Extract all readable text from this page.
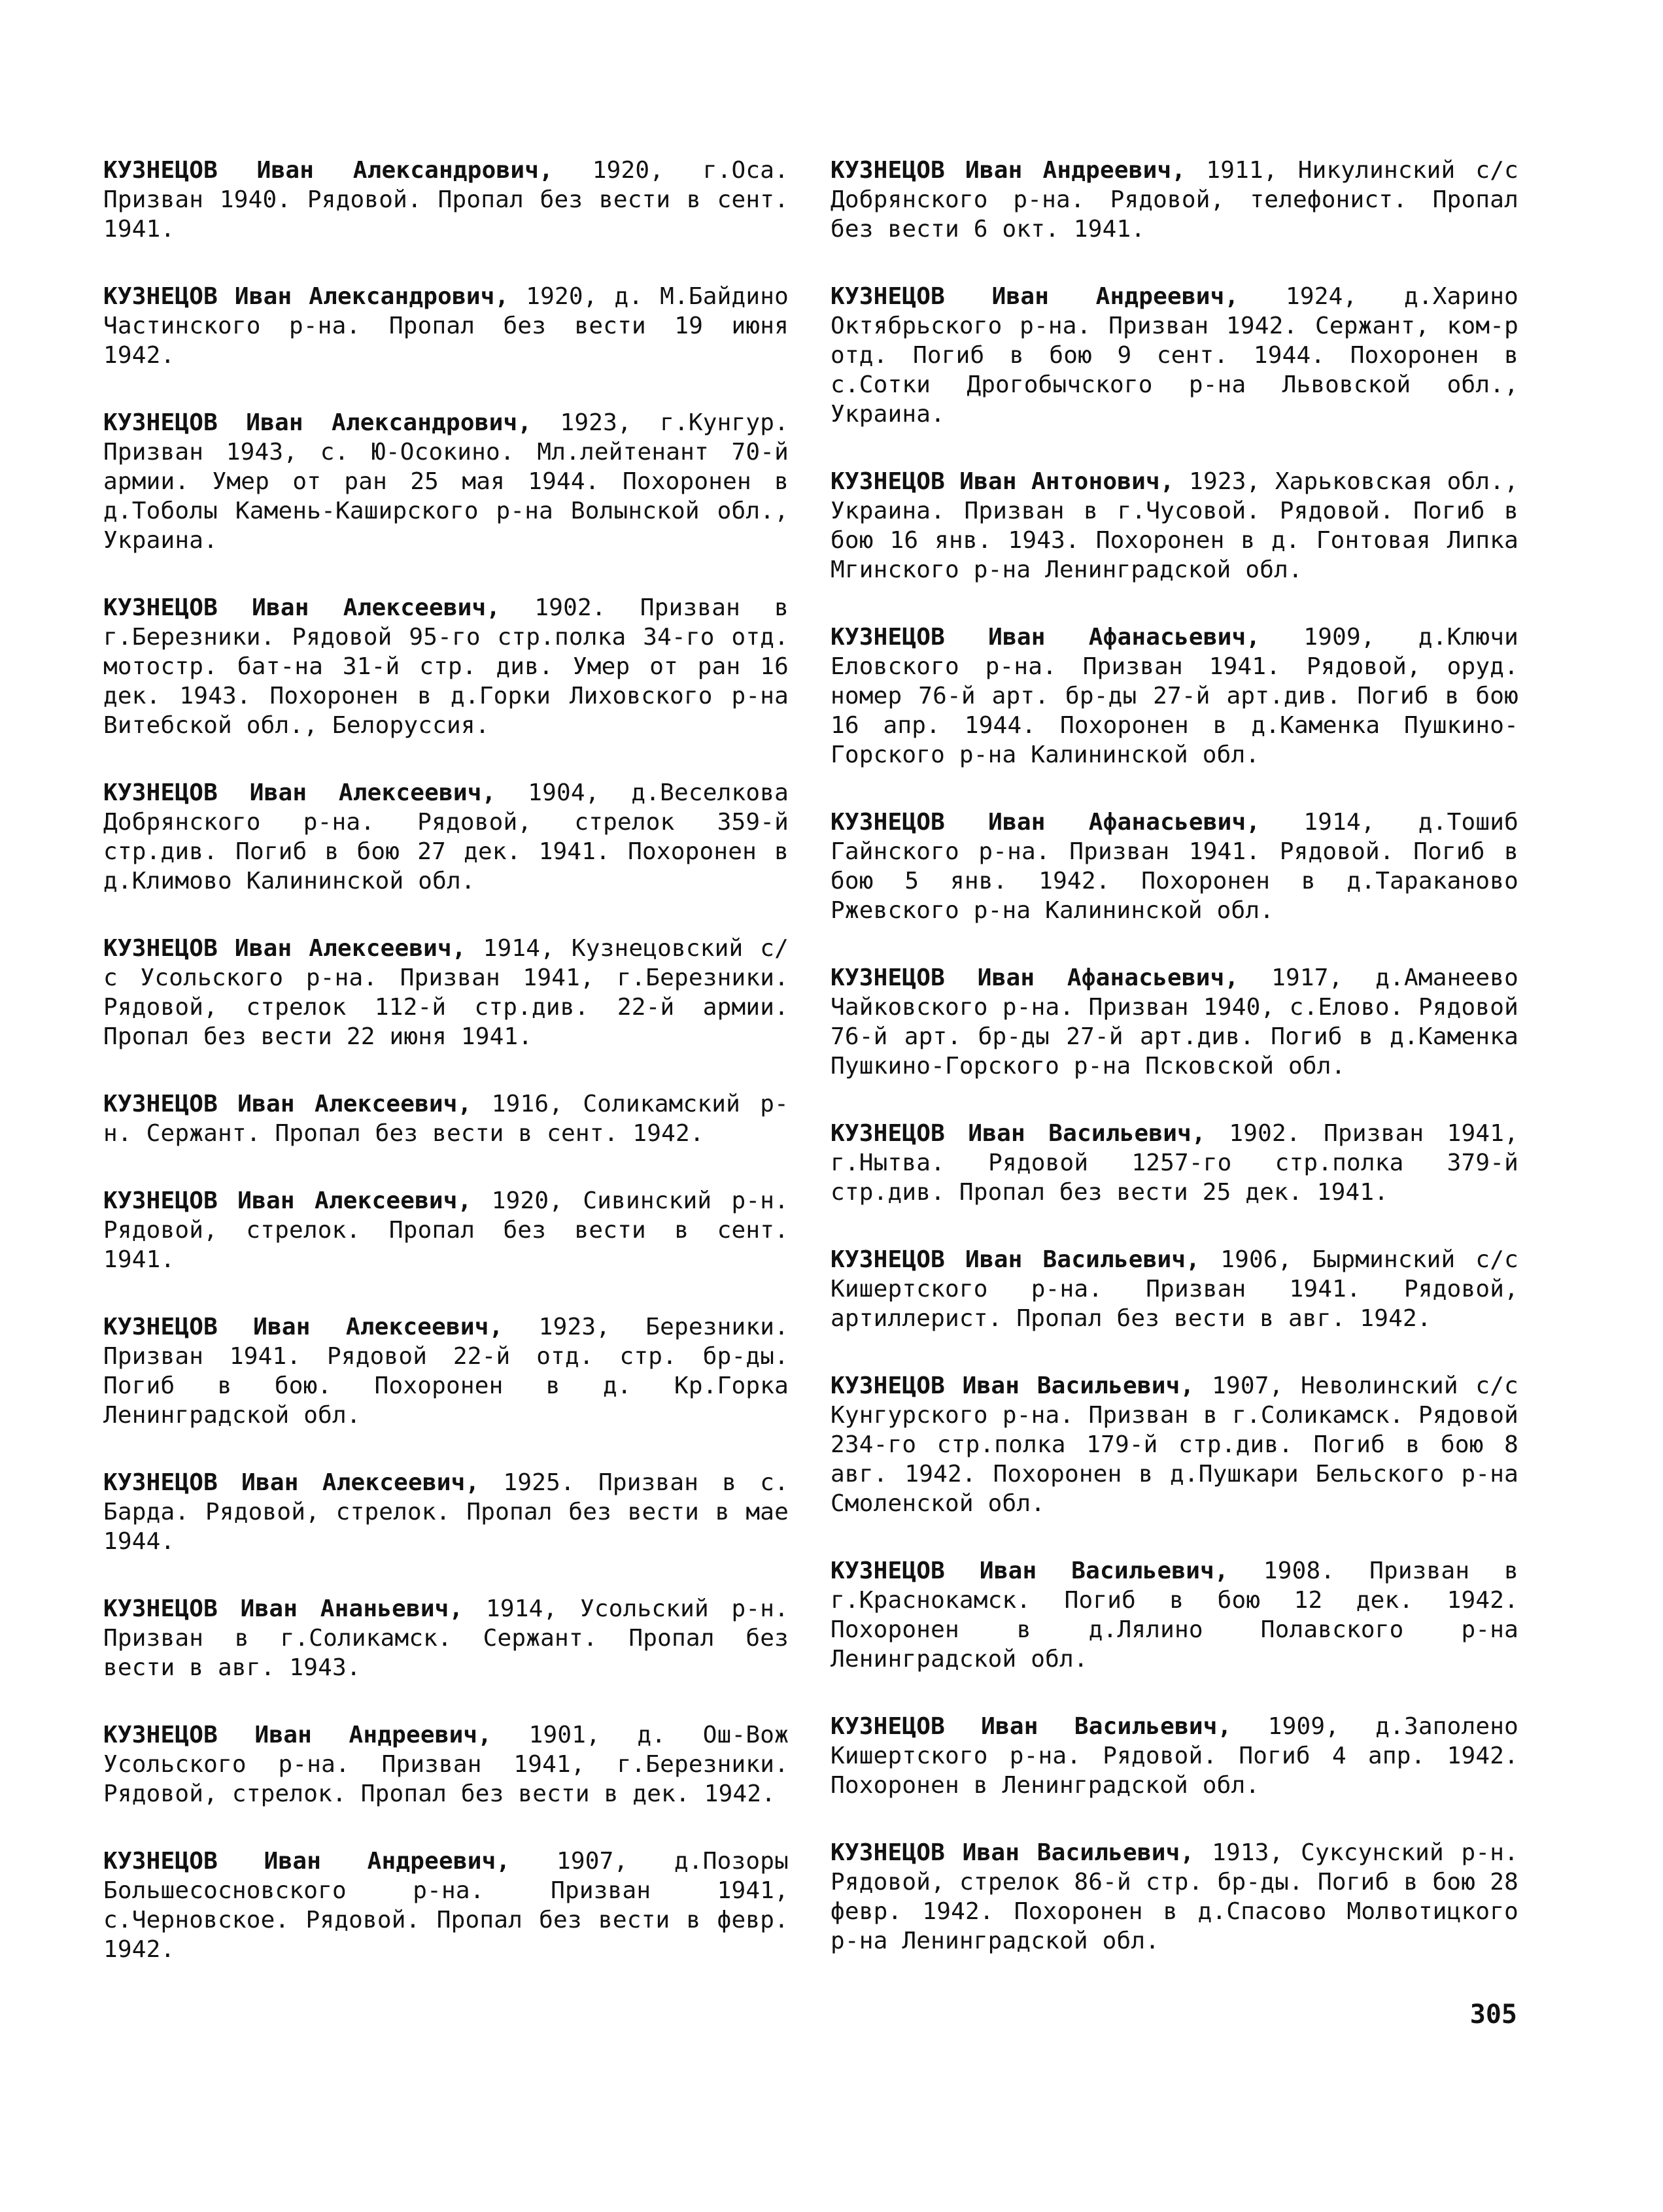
КУЗНЕЦОВ Иван Александрович, 1920, г.Оса. Призван 1940. Рядовой. Пропал без вести в сент. 1941.

КУЗНЕЦОВ Иван Александрович, 1920, д. М.Байдино Частинского р-на. Пропал без вести 19 июня 1942.

КУЗНЕЦОВ Иван Александрович, 1923, г.Кунгур. Призван 1943, с. Ю-Осокино. Мл.лейтенант 70-й армии. Умер от ран 25 мая 1944. Похоронен в д.Тоболы Камень-Каширского р-на Волынской обл., Украина.

КУЗНЕЦОВ Иван Алексеевич, 1902. Призван в г.Березники. Рядовой 95-го стр.полка 34-го отд. мотостр. бат-на 31-й стр. див. Умер от ран 16 дек. 1943. Похоронен в д.Горки Лиховского р-на Витебской обл., Белоруссия.

КУЗНЕЦОВ Иван Алексеевич, 1904, д.Веселкова Добрянского р-на. Рядовой, стрелок 359-й стр.див. Погиб в бою 27 дек. 1941. Похоронен в д.Климово Калининской обл.

КУЗНЕЦОВ Иван Алексеевич, 1914, Кузнецовский с/с Усольского р-на. Призван 1941, г.Березники. Рядовой, стрелок 112-й стр.див. 22-й армии. Пропал без вести 22 июня 1941.

КУЗНЕЦОВ Иван Алексеевич, 1916, Соликамский р-н. Сержант. Пропал без вести в сент. 1942.

КУЗНЕЦОВ Иван Алексеевич, 1920, Сивинский р-н. Рядовой, стрелок. Пропал без вести в сент. 1941.

КУЗНЕЦОВ Иван Алексеевич, 1923, Березники. Призван 1941. Рядовой 22-й отд. стр. бр-ды. Погиб в бою. Похоронен в д. Кр.Горка Ленинградской обл.

КУЗНЕЦОВ Иван Алексеевич, 1925. Призван в с. Барда. Рядовой, стрелок. Пропал без вести в мае 1944.

КУЗНЕЦОВ Иван Ананьевич, 1914, Усольский р-н. Призван в г.Соликамск. Сержант. Пропал без вести в авг. 1943.

КУЗНЕЦОВ Иван Андреевич, 1901, д. Ош-Вож Усольского р-на. Призван 1941, г.Березники. Рядовой, стрелок. Пропал без вести в дек. 1942.

КУЗНЕЦОВ Иван Андреевич, 1907, д.Позоры Большесосновского р-на. Призван 1941, с.Черновское. Рядовой. Пропал без вести в февр. 1942.

КУЗНЕЦОВ Иван Андреевич, 1911, Никулинский с/с Добрянского р-на. Рядовой, телефонист. Пропал без вести 6 окт. 1941.

КУЗНЕЦОВ Иван Андреевич, 1924, д.Харино Октябрьского р-на. Призван 1942. Сержант, ком-р отд. Погиб в бою 9 сент. 1944. Похоронен в с.Сотки Дрогобычского р-на Львовской обл., Украина.

КУЗНЕЦОВ Иван Антонович, 1923, Харьковская обл., Украина. Призван в г.Чусовой. Рядовой. Погиб в бою 16 янв. 1943. Похоронен в д. Гонтовая Липка Мгинского р-на Ленинградской обл.

КУЗНЕЦОВ Иван Афанасьевич, 1909, д.Ключи Еловского р-на. Призван 1941. Рядовой, оруд. номер 76-й арт. бр-ды 27-й арт.див. Погиб в бою 16 апр. 1944. Похоронен в д.Каменка Пушкино-Горского р-на Калининской обл.

КУЗНЕЦОВ Иван Афанасьевич, 1914, д.Тошиб Гайнского р-на. Призван 1941. Рядовой. Погиб в бою 5 янв. 1942. Похоронен в д.Тараканово Ржевского р-на Калининской обл.

КУЗНЕЦОВ Иван Афанасьевич, 1917, д.Аманеево Чайковского р-на. Призван 1940, с.Елово. Рядовой 76-й арт. бр-ды 27-й арт.див. Погиб в д.Каменка Пушкино-Горского р-на Псковской обл.

КУЗНЕЦОВ Иван Васильевич, 1902. Призван 1941, г.Нытва. Рядовой 1257-го стр.полка 379-й стр.див. Пропал без вести 25 дек. 1941.

КУЗНЕЦОВ Иван Васильевич, 1906, Бырминский с/с Кишертского р-на. Призван 1941. Рядовой, артиллерист. Пропал без вести в авг. 1942.

КУЗНЕЦОВ Иван Васильевич, 1907, Неволинский с/с Кунгурского р-на. Призван в г.Соликамск. Рядовой 234-го стр.полка 179-й стр.див. Погиб в бою 8 авг. 1942. Похоронен в д.Пушкари Бельского р-на Смоленской обл.

КУЗНЕЦОВ Иван Васильевич, 1908. Призван в г.Краснокамск. Погиб в бою 12 дек. 1942. Похоронен в д.Лялино Полавского р-на Ленинградской обл.

КУЗНЕЦОВ Иван Васильевич, 1909, д.Заполено Кишертского р-на. Рядовой. Погиб 4 апр. 1942. Похоронен в Ленинградской обл.

КУЗНЕЦОВ Иван Васильевич, 1913, Суксунский р-н. Рядовой, стрелок 86-й стр. бр-ды. Погиб в бою 28 февр. 1942. Похоронен в д.Спасово Молвотицкого р-на Ленинградской обл.

305
